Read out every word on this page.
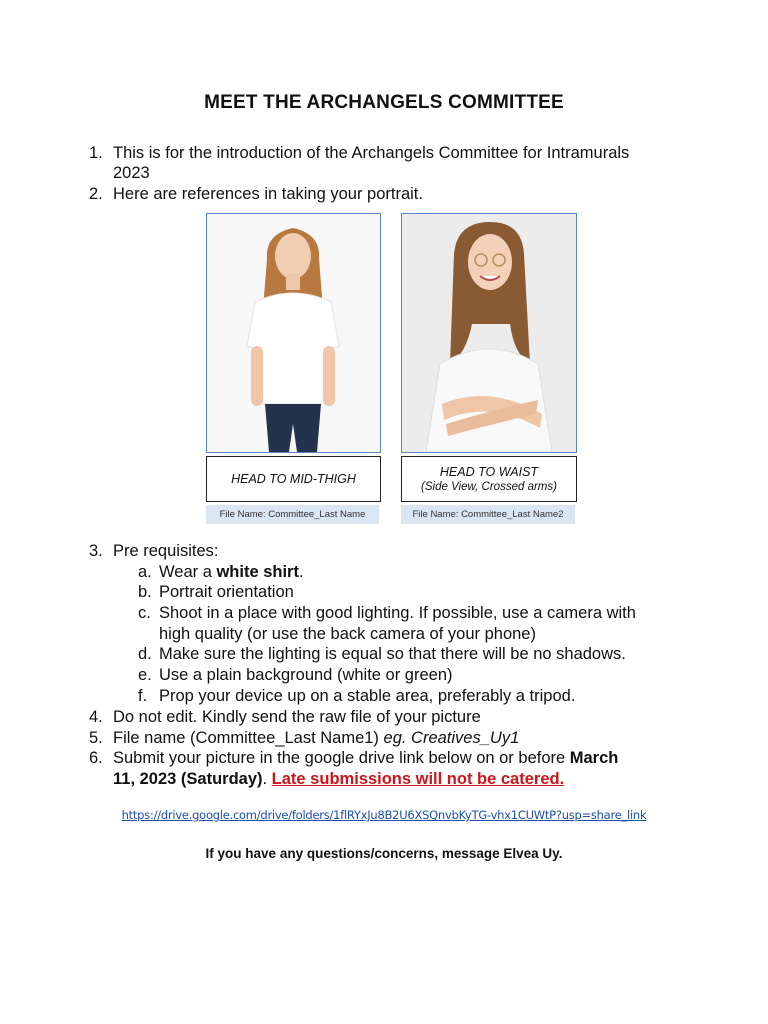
MEET THE ARCHANGELS COMMITTEE
1. This is for the introduction of the Archangels Committee for Intramurals
2023
2. Here are references in taking your portrait.
HEAD TO MID-THIGH	HEAD TO WAIST
(Side View, Crossed arms)
File Name: Committee_Last Name	File Name: Committee_Last Name2
3. Pre requisites:
a. Wear a white shirt.
b. Portrait orientation
c. Shoot in a place with good lighting. If possible, use a camera with
high quality (or use the back camera of your phone)
d. Make sure the lighting is equal so that there will be no shadows.
e. Use a plain background (white or green)
f. Prop your device up on a stable area, preferably a tripod.
4. Do not edit. Kindly send the raw file of your picture
5. File name (Committee_Last Name1) eg. Creatives_Uy1
6. Submit your picture in the google drive link below on or before March
11, 2023 (Saturday). Late submissions will not be catered.
https://drive.google.com/drive/folders/1flRYxJu8B2U6XSQnvbKyTG-vhx1CUWtP?usp=share_link
If you have any questions/concerns, message Elvea Uy.
